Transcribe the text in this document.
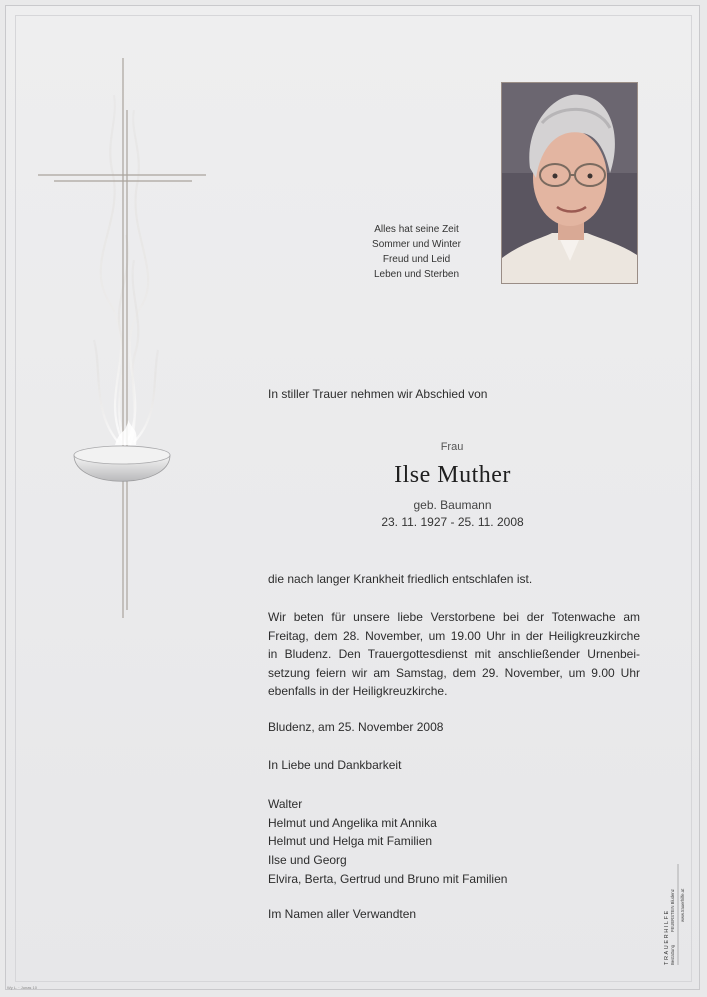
Alles hat seine Zeit
Sommer und Winter
Freud und Leid
Leben und Sterben
In stiller Trauer nehmen wir Abschied von
Frau
Ilse Muther
geb. Baumann
23. 11. 1927 - 25. 11. 2008
die nach langer Krankheit friedlich entschlafen ist.
Wir beten für unsere liebe Verstorbene bei der Totenwache am
Freitag, dem 28. November, um 19.00 Uhr in der Heiligkreuzkirche
in Bludenz. Den Trauergottesdienst mit anschließender Urnenbei-
setzung feiern wir am Samstag, dem 29. November, um 9.00 Uhr
ebenfalls in der Heiligkreuzkirche.
Bludenz, am 25. November 2008
In Liebe und Dankbarkeit
Walter
Helmut und Angelika mit Annika
Helmut und Helga mit Familien
Ilse und Georg
Elvira, Berta, Gertrud und Bruno mit Familien
Im Namen aller Verwandten	TRAUERHILFE Bestattung
FEUERSTEIN Bludenz www.trauerhilfe.at
Wy L. · Junas 10
